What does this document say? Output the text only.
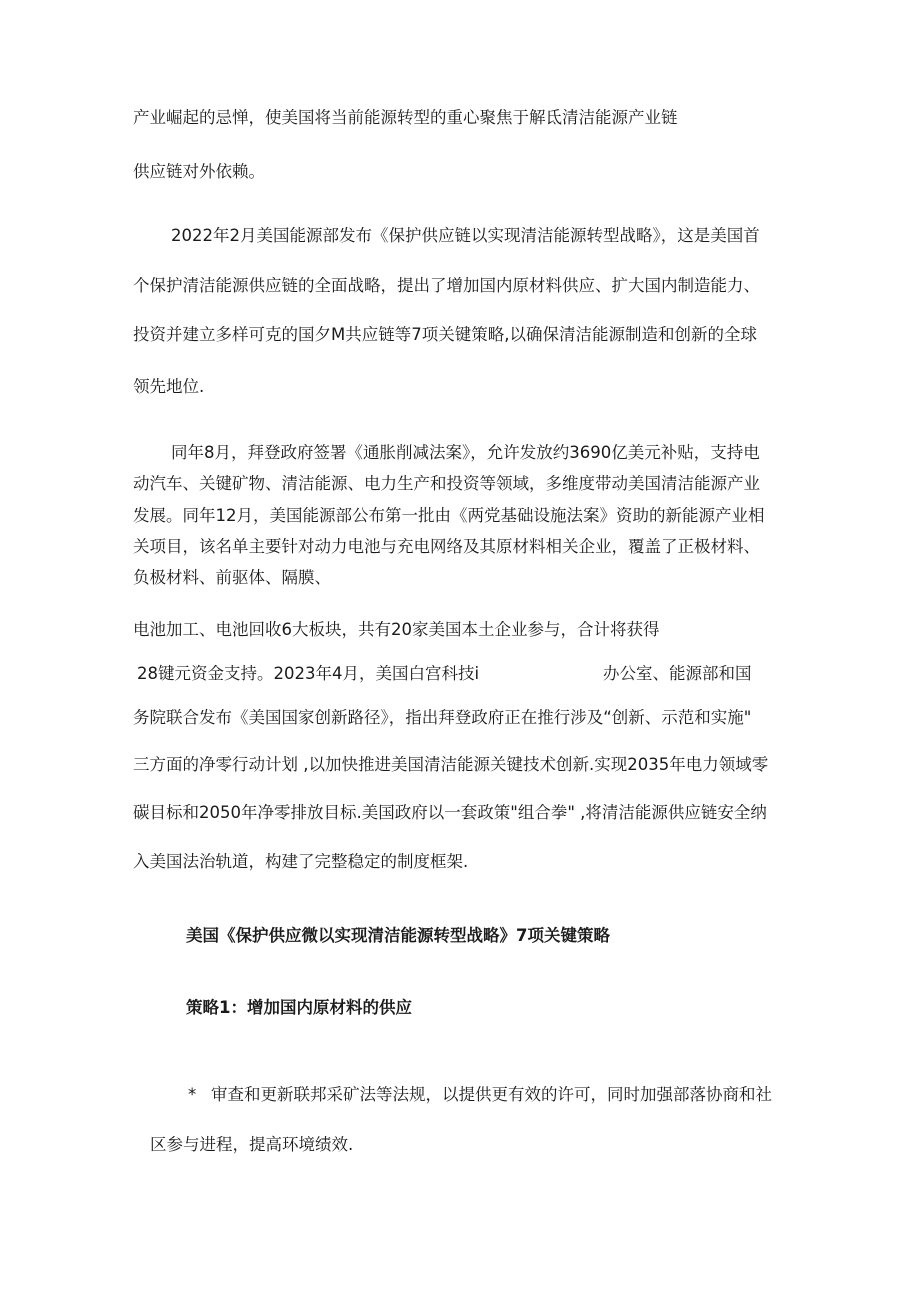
产业崛起的忌惮，使美国将当前能源转型的重心聚焦于解氐清洁能源产业链

供应链对外依赖。

2022年2月美国能源部发布《保护供应链以实现清洁能源转型战略》，这是美国首

个保护清洁能源供应链的全面战略，提出了增加国内原材料供应、扩大国内制造能力、

投资并建立多样可克的国夕M共应链等7项关键策略,以确保清洁能源制造和创新的全球

领先地位.

同年8月，拜登政府签署《通胀削减法案》，允许发放约3690亿美元补贴，支持电

动汽车、关键矿物、清洁能源、电力生产和投资等领域，多维度带动美国清洁能源产业

发展。同年12月，美国能源部公布第一批由《两党基础设施法案》资助的新能源产业相

关项目，该名单主要针对动力电池与充电网络及其原材料相关企业，覆盖了正极材料、

负极材料、前驱体、隔膜、

电池加工、电池回收6大板块，共有20家美国本土企业参与，合计将获得

28键元资金支持。2023年4月，美国白宫科技i	办公室、能源部和国

务院联合发布《美国国家创新路径》，指出拜登政府正在推行涉及“创新、示范和实施"

三方面的净零行动计划 ,以加快推进美国清洁能源关键技术创新.实现2035年电力领域零

碳目标和2050年净零排放目标.美国政府以一套政策"组合拳" ,将清洁能源供应链安全纳

入美国法治轨道，构建了完整稳定的制度框架.

美国《保护供应微以实现清洁能源转型战略》7项关键策略

策略1：增加国内原材料的供应

* 审查和更新联邦采矿法等法规，以提供更有效的许可，同时加强部落协商和社

区参与进程，提高环境绩效.
